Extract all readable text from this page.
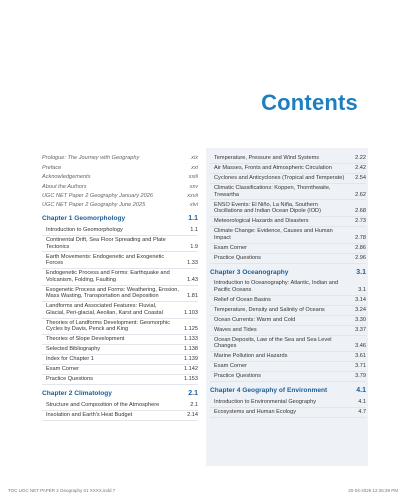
Contents
Prologue: The Journey with Geography	xix
Preface	xxi
Acknowledgements	xxiii
About the Authors	xxv
UGC NET Paper 2 Geography January 2026	xxvii
UGC NET Paper 2 Geography June 2025	xlvi
Chapter 1 Geomorphology	1.1
Introduction to Geomorphology	1.1
Continental Drift, Sea Floor Spreading and Plate Tectonics	1.9
Earth Movements: Endogenetic and Exogenetic Forces	1.33
Endogenetic Process and Forms: Earthquake and Volcanism, Folding, Faulting	1.43
Exogenetic Process and Forms: Weathering, Erosion, Mass Wasting, Transportation and Deposition	1.81
Landforms and Associated Features: Fluvial, Glacial, Peri-glacial, Aeolian, Karst and Coastal	1.103
Theories of Landforms Development: Geomorphic Cycles by Davis, Penck and King	1.125
Theories of Slope Development	1.133
Selected Bibliography	1.138
Index for Chapter 1	1.139
Exam Corner	1.142
Practice Questions	1.153
Chapter 2 Climatology	2.1
Structure and Composition of the Atmosphere	2.1
Insolation and Earth's Heat Budget	2.14
Temperature, Pressure and Wind Systems	2.22
Air Masses, Fronts and Atmospheric Circulation	2.42
Cyclones and Anticyclones (Tropical and Temperate)	2.54
Climatic Classifications: Koppen, Thornthwaite, Trewartha	2.62
ENSO Events: El Niño, La Niña, Southern Oscillations and Indian Ocean Dipole (IOD)	2.68
Meteorological Hazards and Disasters	2.73
Climate Change: Evidence, Causes and Human Impact	2.78
Exam Corner	2.86
Practice Questions	2.96
Chapter 3 Oceanography	3.1
Introduction to Oceanography: Atlantic, Indian and Pacific Oceans	3.1
Relief of Ocean Basins	3.14
Temperature, Density and Salinity of Oceans	3.24
Ocean Currents: Warm and Cold	3.30
Waves and Tides	3.37
Ocean Deposits, Law of the Sea and Sea Level Changes	3.46
Marine Pollution and Hazards	3.61
Exam Corner	3.71
Practice Questions	3.79
Chapter 4 Geography of Environment	4.1
Introduction to Environmental Geography	4.1
Ecosystems and Human Ecology	4.7
TOC UGC NET PAPER 2 Geography 01 XXXX.indd 7	20-04-2026 12:26:39 PM
